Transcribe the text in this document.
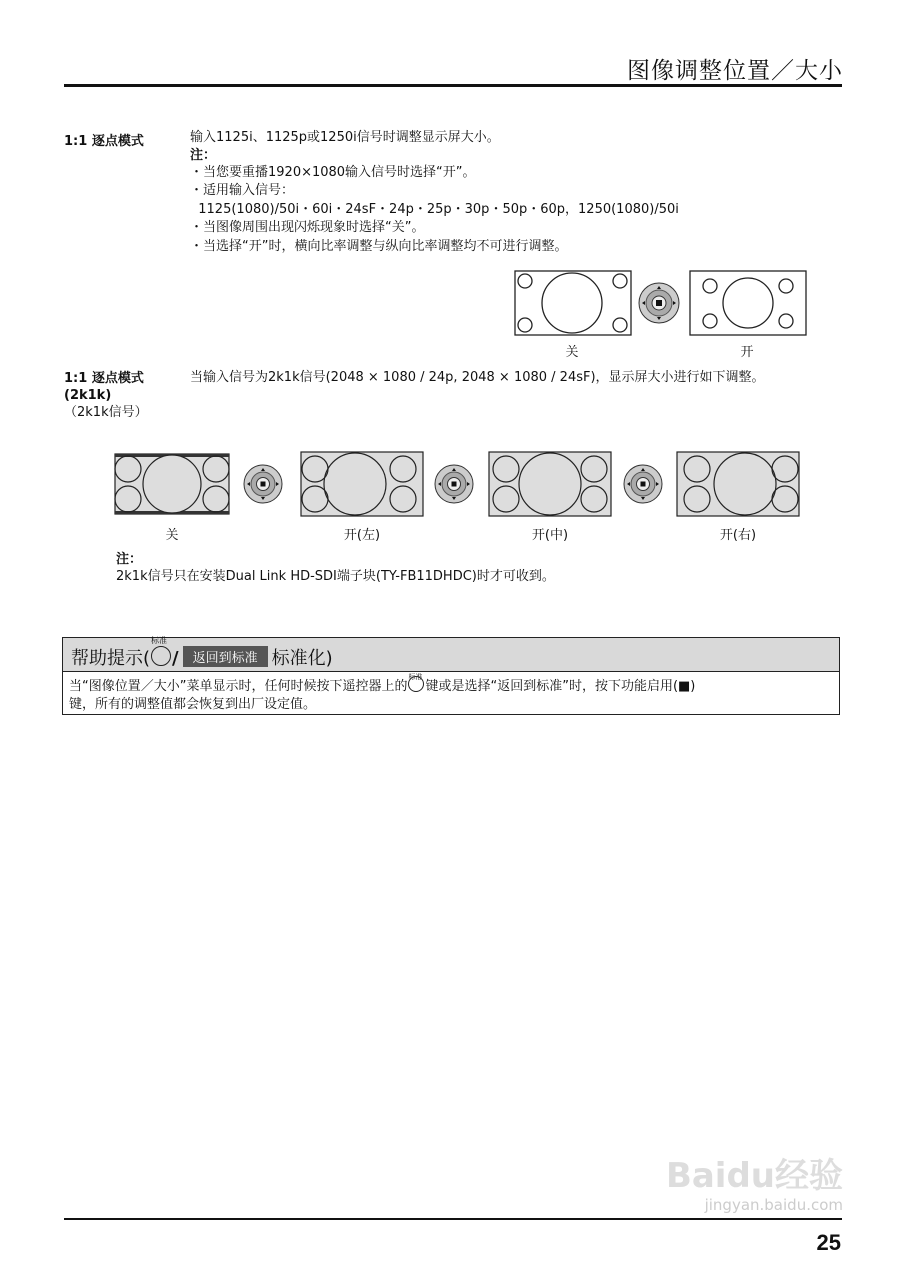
图像调整位置／大小
1:1 逐点模式	输入1125i、1125p或1250i信号时调整显示屏大小。
注：
・当您要重播1920×1080输入信号时选择“开”。
・适用输入信号：
1125(1080)/50i・60i・24sF・24p・25p・30p・50p・60p，1250(1080)/50i
・当图像周围出现闪烁现象时选择“关”。
・当选择“开”时，横向比率调整与纵向比率调整均不可进行调整。
关	开
1:1 逐点模式
(2k1k)
（2k1k信号）
当输入信号为2k1k信号(2048 × 1080 / 24p, 2048 × 1080 / 24sF)，显示屏大小进行如下调整。
关	开(左)	开(中)	开(右)
注：
2k1k信号只在安装Dual Link HD-SDI端子块(TY-FB11DHDC)时才可收到。
帮助提示(
标准
/ 返回到标准 标准化)
当“图像位置／大小”菜单显示时，任何时候按下遥控器上的
标准
键或是选择“返回到标准”时，按下功能启用(■)
键，所有的调整值都会恢复到出厂设定值。
Baidu经验
jingyan.baidu.com
25
